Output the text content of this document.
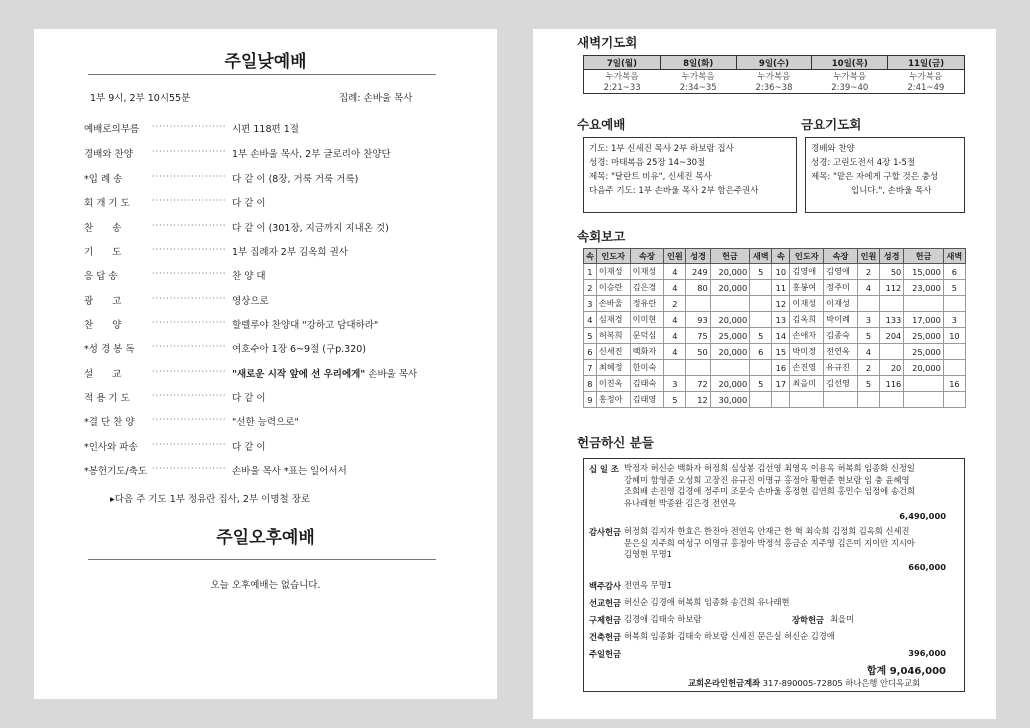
주일낮예배
1부 9시, 2부 10시55분	집례: 손바울 목사
예배로의부름 ····················· 시편 118편 1절
경배와 찬양 ····················· 1부 손바울 목사, 2부 글로리아 찬양단
*입 례 송	····················· 다 같 이 (8장, 거룩 거룩 거룩)
회 개 기 도	····················· 다 같 이
찬　　송	····················· 다 같 이 (301장, 지금까지 지내온 것)
기　　도	····················· 1부 집례자 2부 김옥희 권사
응 답 송	····················· 찬 양 대
광　　고	····················· 영상으로
찬　　양	····················· 할렐루야 찬양대 "강하고 담대하라"
*성 경 봉 독 ····················· 여호수아 1장 6~9절 (구p.320)
설　　교	····················· "새로운 시작 앞에 선 우리에게" 손바울 목사
적 용 기 도	····················· 다 같 이
*결 단 찬 양 ····················· "선한 능력으로"
*인사와 파송 ····················· 다 같 이
*봉헌기도/축도 ····················· 손바울 목사 *표는 일어서서
▸다음 주 기도 1부 정유란 집사, 2부 이명철 장로
주일오후예배
오늘 오후예배는 없습니다.
새벽기도회
7일(월)	8일(화)	9일(수)	10일(목)	11일(금)
누가복음	누가복음	누가복음	누가복음	누가복음
2:21~33	2:34~35	2:36~38	2:39~40	2:41~49
수요예배
기도: 1부 신세진 목사 2부 하보람 집사
성경: 마태복음 25장 14~30절
제목: "달란트 비유", 신세진 목사
다음주 기도: 1부 손바울 목사 2부 함은주권사
금요기도회
경배와 찬양
성경: 고린도전서 4장 1-5절
제목: "맡은 자에게 구할 것은 충성
입니다.", 손바울 목사
속회보고
속	인도자	속장	인원	성경	헌금	새벽	속	인도자	속장	인원	성경	헌금	새벽
1	이재성	이재성	4	249	20,000	5	10	김영애	김영애	2	50	15,000	6
2	이승란	김은경	4	80	20,000		11	홍봉여	정주미	4	112	23,000	5
3	손바울	정유란	2				12	이재성	이재성				
4	심재경	이미현	4	93	20,000		13	김옥희	박이례	3	133	17,000	3
5	허복희	문덕심	4	75	25,000	5	14	손애자	김종숙	5	204	25,000	10
6	신세진	백화자	4	50	20,000	6	15	박미정	전연옥	4		25,000	
7	최혜정	한미숙					16	손진영	유규진	2	20	20,000	
8	이진옥	김태숙	3	72	20,000	5	17	최을미	김선영	5	116		16
9	홍정아	김태영	5	12	30,000								
헌금하신 분들
십 일 조 박정자 허신순 백화자 허정희 심상봉 김선영 최영옥 이용옥 허복희 임종화 신정일
강혜미 함영준 오성희 고장진 유규진 이명규 홍정아 황현준 현보람 임 충 윤혜영
조희배 손진영 김경애 정주미 조문숙 손바울 홍정현 김연희 홍민수 임정애 송건희
유나래현 박종완 김은경 전연옥
6,490,000
감사헌금 허정희 김지자 한효은 한진아 전연옥 안재근 한 혁 최숙희 김정희 김옥희 신세진
문은실 지주희 여성구 이명규 홍정아 박정석 홍금순 지주영 김은미 지이안 지시아
김영현 무명1
660,000
백주감사 전연옥 무명1
선교헌금 허신순 김경애 허복희 임종화 송건희 유나래현
구제헌금 김경애 김태숙 하보람	장학헌금 최을미
건축헌금 허복희 임종화 김태숙 하보람 신세진 문은실 허신순 김경애
주일헌금	396,000
합계 9,046,000
교회온라인헌금계좌 317-890005-72805 하나은행 안디옥교회
